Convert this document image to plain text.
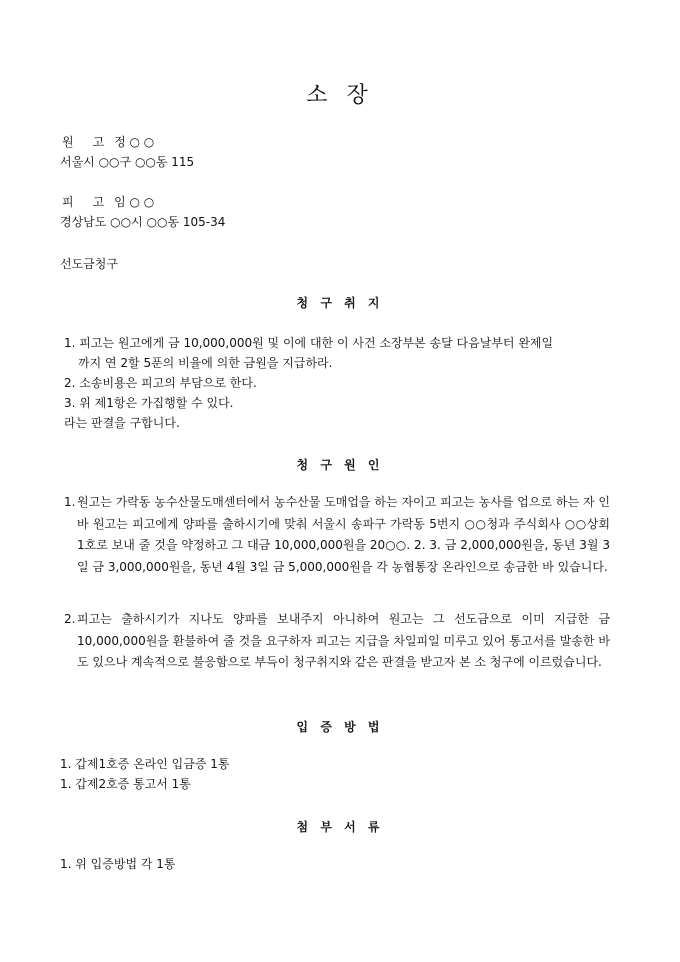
소 장
원     고 정 ○ ○
서울시 ○○구 ○○동 115
피     고 임 ○ ○
경상남도 ○○시 ○○동 105-34
선도금청구
청 구 취 지
1. 피고는 원고에게 금 10,000,000원 및 이에 대한 이 사건 소장부본 송달 다음날부터 완제일
까지 연 2할 5푼의 비율에 의한 금원을 지급하라.
2. 소송비용은 피고의 부담으로 한다.
3. 위 제1항은 가집행할 수 있다.
라는 판결을 구합니다.
청 구 원 인
1. 원고는 가락동 농수산물도매센터에서 농수산물 도매업을 하는 자이고 피고는 농사를 업으로 하는 자 인바 원고는 피고에게 양파를 출하시기에 맞춰 서울시 송파구 가락동 5번지 ○○청과 주식회사 ○○상회 1호로 보내 줄 것을 약정하고 그 대금 10,000,000원을 20○○. 2. 3. 금 2,000,000원을, 동년 3월 3일 금 3,000,000원을, 동년 4월 3일 금 5,000,000원을 각 농협통장 온라인으로 송금한 바 있습니다.
2. 피고는 출하시기가 지나도 양파를 보내주지 아니하여 원고는 그 선도금으로 이미 지급한 금 10,000,000원을 환불하여 줄 것을 요구하자 피고는 지급을 차일피일 미루고 있어 통고서를 발송한 바도 있으나 계속적으로 불응함으로 부득이 청구취지와 같은 판결을 받고자 본 소 청구에 이르렀습니다.
입 증 방 법
1. 갑제1호증 온라인 입금증 1통
1. 갑제2호증 통고서 1통
첨 부 서 류
1. 위 입증방법 각 1통
